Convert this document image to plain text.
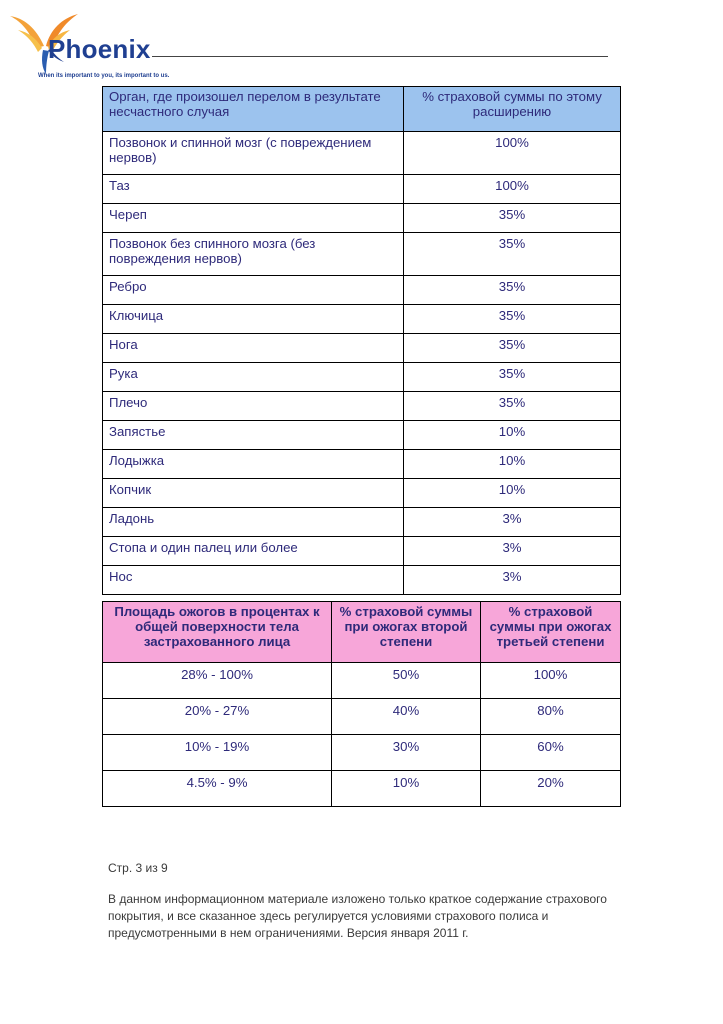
Phoenix
When its important to you, its important to us.
Орган, где произошел перелом в результате несчастного случая	% страховой суммы по этому расширению
Позвонок и спинной мозг (с повреждением нервов)	100%
Таз	100%
Череп	35%
Позвонок без спинного мозга (без повреждения нервов)	35%
Ребро	35%
Ключица	35%
Нога	35%
Рука	35%
Плечо	35%
Запястье	10%
Лодыжка	10%
Копчик	10%
Ладонь	3%
Стопа и один палец или более	3%
Нос	3%
Площадь ожогов в процентах к общей поверхности тела застрахованного лица	% страховой суммы при ожогах второй степени	% страховой суммы при ожогах третьей степени
28% - 100%	50%	100%
20% - 27%	40%	80%
10% - 19%	30%	60%
4.5% - 9%	10%	20%
Стр. 3 из 9
В данном информационном материале изложено только краткое содержание страхового покрытия, и все сказанное здесь регулируется условиями страхового полиса и предусмотренными в нем ограничениями. Версия января 2011 г.
